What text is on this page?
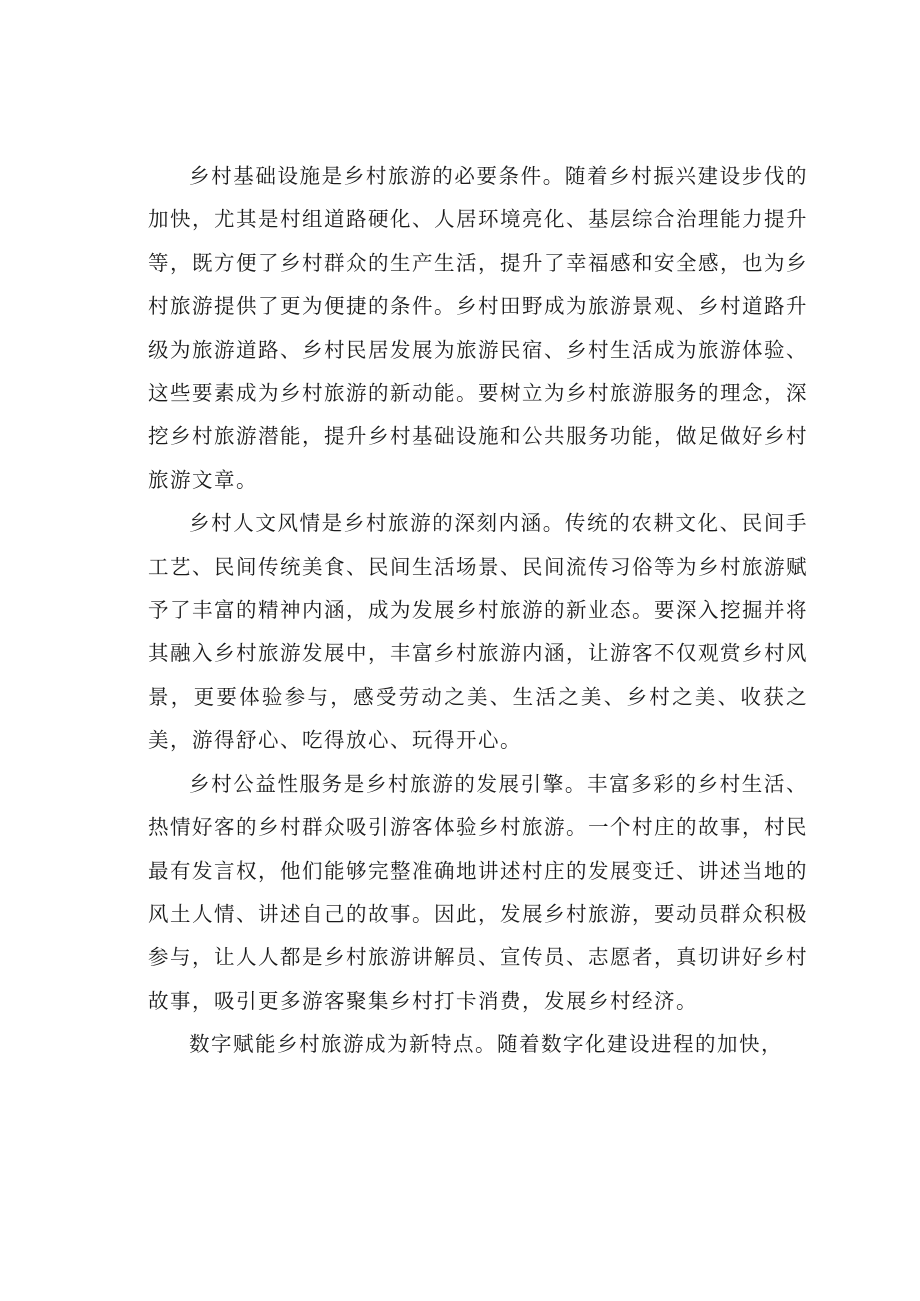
乡村基础设施是乡村旅游的必要条件。随着乡村振兴建设步伐的加快，尤其是村组道路硬化、人居环境亮化、基层综合治理能力提升等，既方便了乡村群众的生产生活，提升了幸福感和安全感，也为乡村旅游提供了更为便捷的条件。乡村田野成为旅游景观、乡村道路升级为旅游道路、乡村民居发展为旅游民宿、乡村生活成为旅游体验、这些要素成为乡村旅游的新动能。要树立为乡村旅游服务的理念，深挖乡村旅游潜能，提升乡村基础设施和公共服务功能，做足做好乡村旅游文章。

乡村人文风情是乡村旅游的深刻内涵。传统的农耕文化、民间手工艺、民间传统美食、民间生活场景、民间流传习俗等为乡村旅游赋予了丰富的精神内涵，成为发展乡村旅游的新业态。要深入挖掘并将其融入乡村旅游发展中，丰富乡村旅游内涵，让游客不仅观赏乡村风景，更要体验参与，感受劳动之美、生活之美、乡村之美、收获之美，游得舒心、吃得放心、玩得开心。

乡村公益性服务是乡村旅游的发展引擎。丰富多彩的乡村生活、热情好客的乡村群众吸引游客体验乡村旅游。一个村庄的故事，村民最有发言权，他们能够完整准确地讲述村庄的发展变迁、讲述当地的风土人情、讲述自己的故事。因此，发展乡村旅游，要动员群众积极参与，让人人都是乡村旅游讲解员、宣传员、志愿者，真切讲好乡村故事，吸引更多游客聚集乡村打卡消费，发展乡村经济。

数字赋能乡村旅游成为新特点。随着数字化建设进程的加快，
